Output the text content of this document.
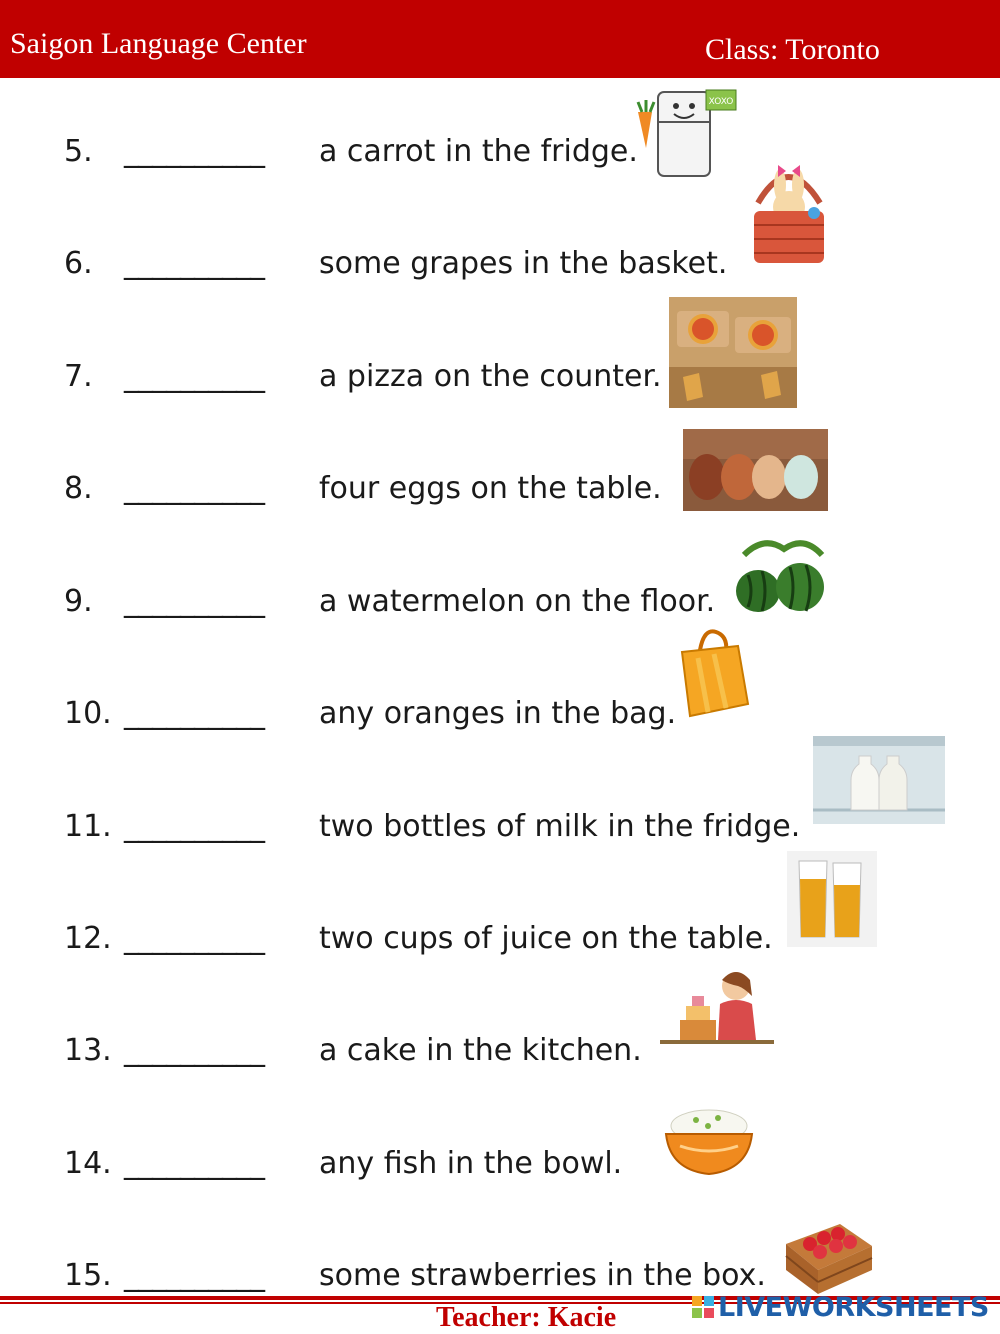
Saigon Language Center	Class: Toronto
5. __________ a carrot in the fridge.
XOXO
6. __________ some grapes in the basket.
7. __________ a pizza on the counter.
8. __________ four eggs on the table.
9. __________ a watermelon on the floor.
10. __________ any oranges in the bag.
11. __________ two bottles of milk in the fridge.
12. __________ two cups of juice on the table.
13. __________ a cake in the kitchen.
14. __________ any fish in the bowl.
15. __________ some strawberries in the box.
Teacher: Kacie	LIVEWORKSHEETS
